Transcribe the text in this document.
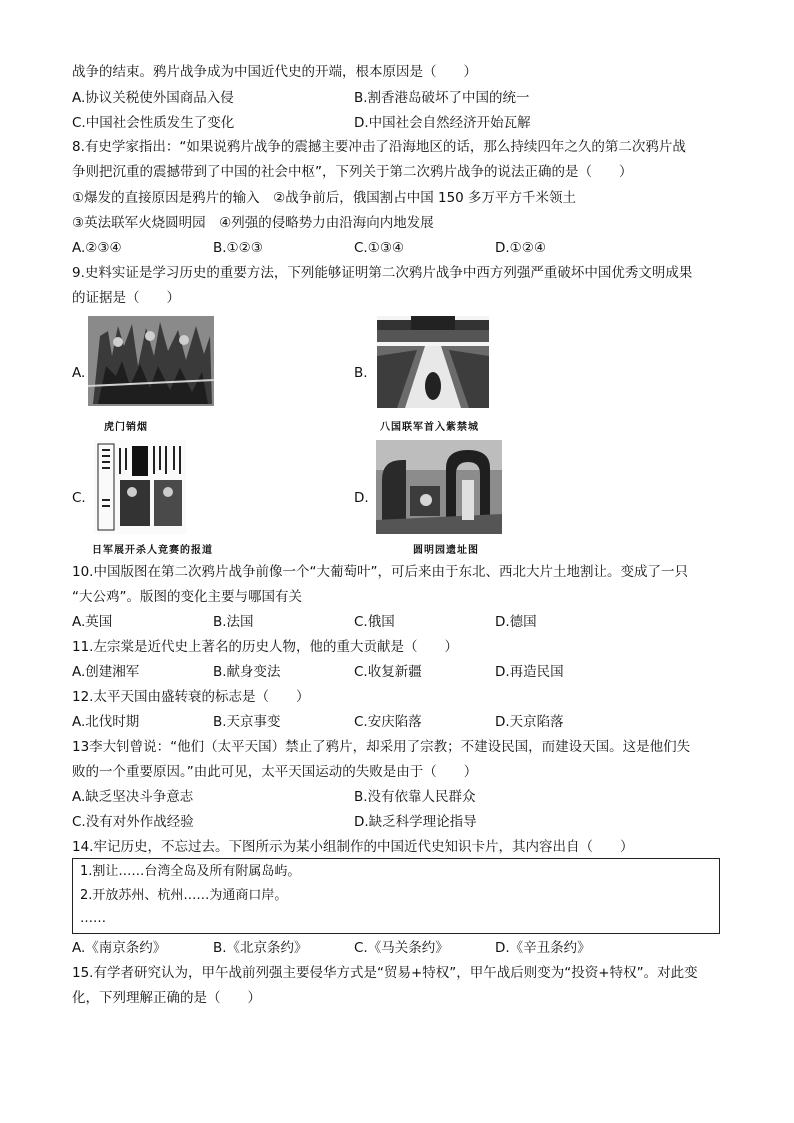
战争的结束。鸦片战争成为中国近代史的开端，根本原因是（　　）
A.协议关税使外国商品入侵	B.割香港岛破坏了中国的统一
C.中国社会性质发生了变化	D.中国社会自然经济开始瓦解
8.有史学家指出：“如果说鸦片战争的震撼主要冲击了沿海地区的话，那么持续四年之久的第二次鸦片战
争则把沉重的震撼带到了中国的社会中枢”，下列关于第二次鸦片战争的说法正确的是（　　）
①爆发的直接原因是鸦片的输入　②战争前后，俄国割占中国 150 多万平方千米领土
③英法联军火烧圆明园　④列强的侵略势力由沿海向内地发展
A.②③④	B.①②③	C.①③④	D.①②④
9.史料实证是学习历史的重要方法，下列能够证明第二次鸦片战争中西方列强严重破坏中国优秀文明成果
的证据是（　　）
A.
虎门销烟
B.
八国联军首入紫禁城
C.
日军展开杀人竞赛的报道
D.
圆明园遗址图
10.中国版图在第二次鸦片战争前像一个“大葡萄叶”，可后来由于东北、西北大片土地割让。变成了一只
“大公鸡”。版图的变化主要与哪国有关
A.英国	B.法国	C.俄国	D.德国
11.左宗棠是近代史上著名的历史人物，他的重大贡献是（　　）
A.创建湘军	B.献身变法	C.收复新疆	D.再造民国
12.太平天国由盛转衰的标志是（　　）
A.北伐时期	B.天京事变	C.安庆陷落	D.天京陷落
13李大钊曾说：“他们（太平天国）禁止了鸦片，却采用了宗教；不建设民国，而建设天国。这是他们失
败的一个重要原因。”由此可见，太平天国运动的失败是由于（　　）
A.缺乏坚决斗争意志	B.没有依靠人民群众
C.没有对外作战经验	D.缺乏科学理论指导
14.牢记历史，不忘过去。下图所示为某小组制作的中国近代史知识卡片，其内容出自（　　）
1.割让……台湾全岛及所有附属岛屿。
2.开放苏州、杭州……为通商口岸。
……
A.《南京条约》	B.《北京条约》	C.《马关条约》	D.《辛丑条约》
15.有学者研究认为，甲午战前列强主要侵华方式是“贸易+特权”，甲午战后则变为“投资+特权”。对此变
化，下列理解正确的是（　　）
